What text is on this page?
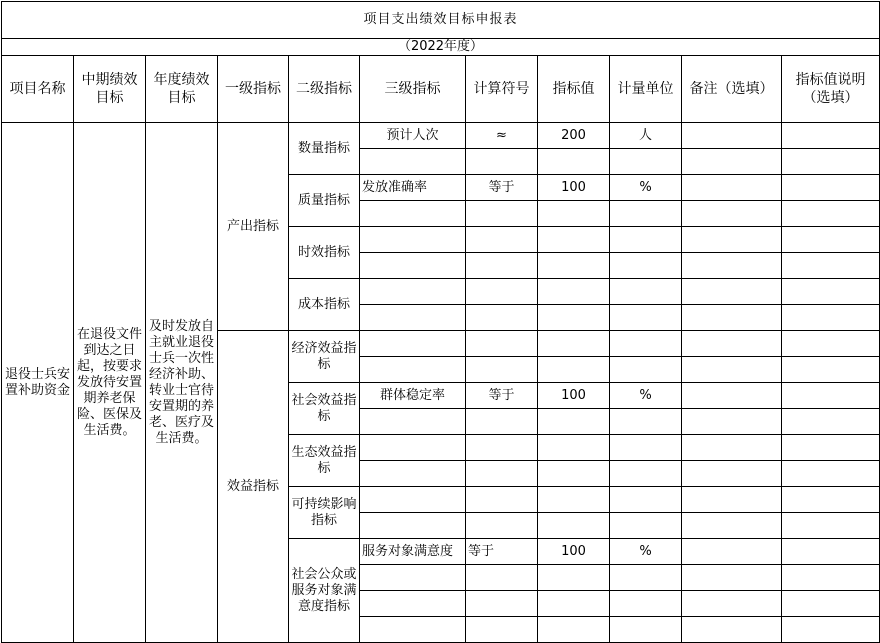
项目支出绩效目标申报表										
（2022年度）										
项目名称	中期绩效目标	年度绩效目标	一级指标	二级指标	三级指标	计算符号	指标值	计量单位	备注（选填）	指标值说明（选填）
退役士兵安置补助资金	在退役文件到达之日起，按要求发放待安置期养老保险、医保及生活费。	及时发放自主就业退役士兵一次性经济补助、转业士官待安置期的养老、医疗及生活费。	产出指标	数量指标	预计人次	≈	200	人		

				质量指标	发放准确率	等于	100	%		

				时效指标						

				成本指标						

			效益指标	经济效益指标						

				社会效益指标	群体稳定率	等于	100	%		

				生态效益指标						

				可持续影响指标						

				社会公众或服务对象满意度指标	服务对象满意度	等于	100	%		
